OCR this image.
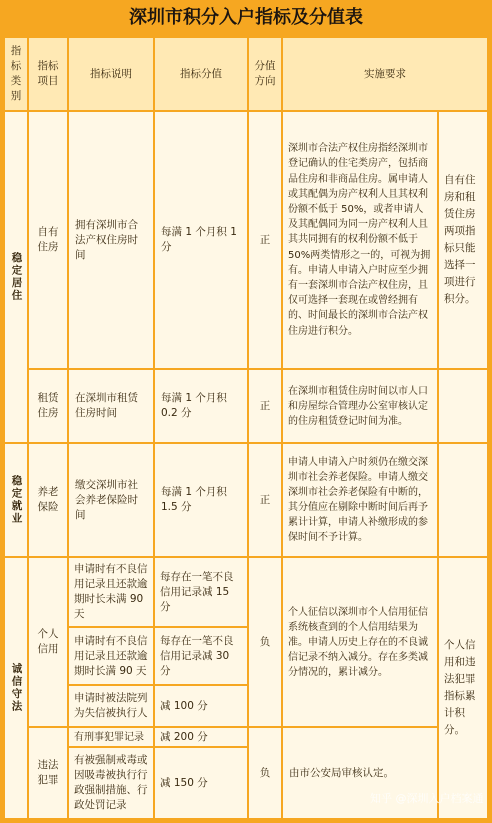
深圳市积分入户指标及分值表
指标类别
指标项目
指标说明	指标分值
分值方向
实施要求
稳定居住
自有住房
拥有深圳市合法产权住房时间
每满 1 个月积 1 分
正
深圳市合法产权住房指经深圳市登记确认的住宅类房产，包括商品住房和非商品住房。属申请人或其配偶为房产权利人且其权利份额不低于 50%，或者申请人及其配偶同为同一房产权利人且其共同拥有的权利份额不低于 50%两类情形之一的，可视为拥有。申请人申请入户时应至少拥有一套深圳市合法产权住房，且仅可选择一套现在或曾经拥有的、时间最长的深圳市合法产权住房进行积分。
自有住房和租赁住房两项指标只能选择一项进行积分。
租赁住房
在深圳市租赁住房时间
每满 1 个月积 0.2 分
正
在深圳市租赁住房时间以市人口和房屋综合管理办公室审核认定的住房租赁登记时间为准。
稳定就业 养老保险
缴交深圳市社会养老保险时间
每满 1 个月积 1.5 分
正
申请人申请入户时须仍在缴交深圳市社会养老保险。申请人缴交深圳市社会养老保险有中断的，其分值应在剔除中断时间后再予累计计算，申请人补缴形成的参保时间不予计算。
诚信守法
个人信用
申请时有不良信用记录且还款逾期时长未满 90 天
申请时有不良信用记录且还款逾期时长满 90 天
申请时被法院列为失信被执行人
每存在一笔不良信用记录减 15 分
每存在一笔不良信用记录减 30 分
减 100 分
负
个人征信以深圳市个人信用征信系统核查到的个人信用结果为准。申请人历史上存在的不良诚信记录不纳入减分。存在多类减分情况的，累计减分。
个人信用和违法犯罪指标累计积分。
违法犯罪
有刑事犯罪记录
有被强制戒毒或因吸毒被执行行政强制措施、行政处罚记录
减 200 分
减 150 分
负	由市公安局审核认定。
知乎 @深圳入户档案通
